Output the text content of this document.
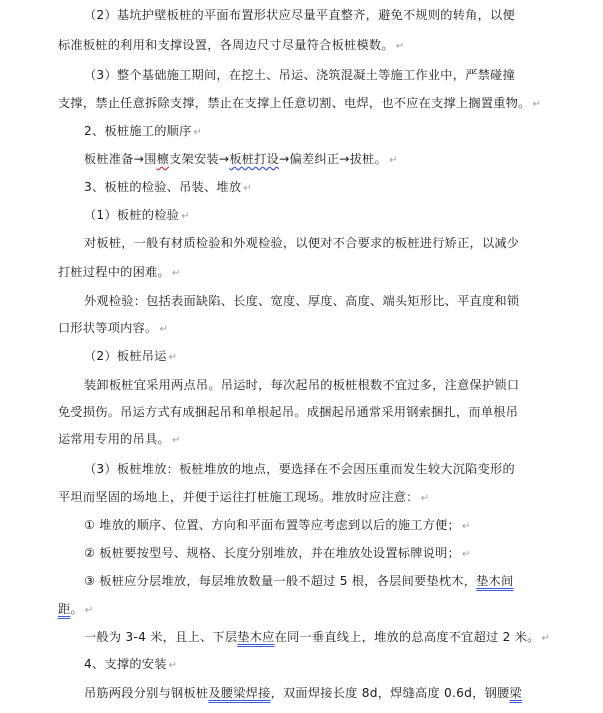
（2）基坑护壁板桩的平面布置形状应尽量平直整齐，避免不规则的转角，以便
标准板桩的利用和支撑设置，各周边尺寸尽量符合板桩模数。 ↵
（3）整个基础施工期间，在挖土、吊运、浇筑混凝土等施工作业中，严禁碰撞
支撑，禁止任意拆除支撑，禁止在支撑上任意切割、电焊，也不应在支撑上搁置重物。 ↵
2、板桩施工的顺序 ↵
板桩准备→围檩支架安装→板桩打设→偏差纠正→拔桩。 ↵
3、板桩的检验、吊装、堆放 ↵
（1）板桩的检验 ↵
对板桩，一般有材质检验和外观检验，以便对不合要求的板桩进行矫正，以减少
打桩过程中的困难。 ↵
外观检验：包括表面缺陷、长度、宽度、厚度、高度、端头矩形比、平直度和锁
口形状等项内容。 ↵
（2）板桩吊运 ↵
装卸板桩宜采用两点吊。吊运时，每次起吊的板桩根数不宜过多，注意保护锁口
免受损伤。吊运方式有成捆起吊和单根起吊。成捆起吊通常采用钢索捆扎，而单根吊
运常用专用的吊具。 ↵
（3）板桩堆放：板桩堆放的地点，要选择在不会因压重而发生较大沉陷变形的
平坦而坚固的场地上，并便于运往打桩施工现场。堆放时应注意： ↵
① 堆放的顺序、位置、方向和平面布置等应考虑到以后的施工方便； ↵
② 板桩要按型号、规格、长度分别堆放，并在堆放处设置标牌说明； ↵
③ 板桩应分层堆放，每层堆放数量一般不超过 5 根，各层间要垫枕木，垫木间
距。 ↵
一般为 3-4 米，且上、下层垫木应在同一垂直线上，堆放的总高度不宜超过 2 米。 ↵
4、支撑的安装 ↵
吊筋两段分别与钢板桩及腰梁焊接，双面焊接长度 8d，焊缝高度 0.6d，钢腰梁
